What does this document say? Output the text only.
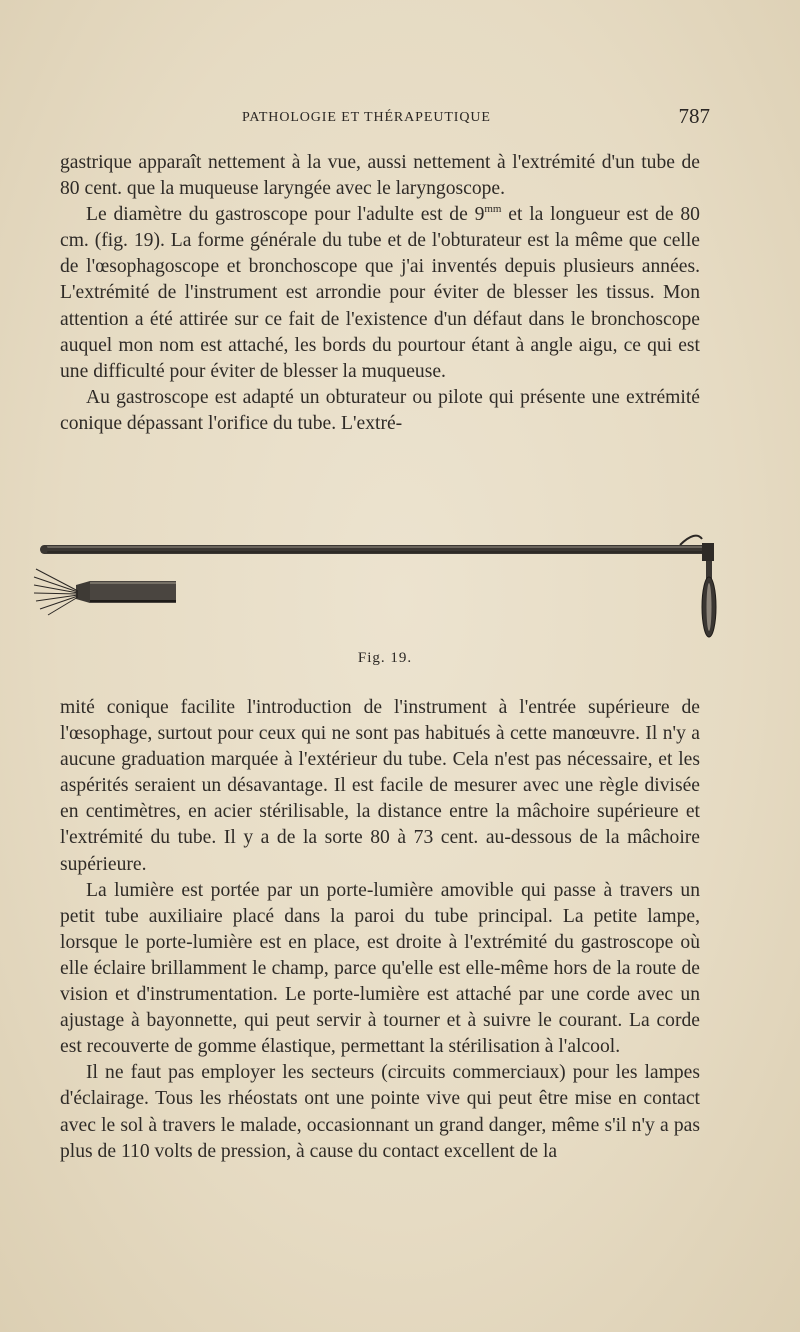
PATHOLOGIE ET THÉRAPEUTIQUE	787

gastrique apparaît nettement à la vue, aussi nettement à l'extrémité d'un tube de 80 cent. que la muqueuse laryngée avec le laryngoscope.

Le diamètre du gastroscope pour l'adulte est de $9^{mm}$ et la longueur est de 80 cm. (fig. 19). La forme générale du tube et de l'obturateur est la même que celle de l'œsophagoscope et bronchoscope que j'ai inventés depuis plusieurs années. L'extrémité de l'instrument est arrondie pour éviter de blesser les tissus. Mon attention a été attirée sur ce fait de l'existence d'un défaut dans le bronchoscope auquel mon nom est attaché, les bords du pourtour étant à angle aigu, ce qui est une difficulté pour éviter de blesser la muqueuse.

Au gastroscope est adapté un obturateur ou pilote qui présente une extrémité conique dépassant l'orifice du tube. L'extré-

Fig. 19.

mité conique facilite l'introduction de l'instrument à l'entrée supérieure de l'œsophage, surtout pour ceux qui ne sont pas habitués à cette manœuvre. Il n'y a aucune graduation marquée à l'extérieur du tube. Cela n'est pas nécessaire, et les aspérités seraient un désavantage. Il est facile de mesurer avec une règle divisée en centimètres, en acier stérilisable, la distance entre la mâchoire supérieure et l'extrémité du tube. Il y a de la sorte 80 à 73 cent. au-dessous de la mâchoire supérieure.

La lumière est portée par un porte-lumière amovible qui passe à travers un petit tube auxiliaire placé dans la paroi du tube principal. La petite lampe, lorsque le porte-lumière est en place, est droite à l'extrémité du gastroscope où elle éclaire brillamment le champ, parce qu'elle est elle-même hors de la route de vision et d'instrumentation. Le porte-lumière est attaché par une corde avec un ajustage à bayonnette, qui peut servir à tourner et à suivre le courant. La corde est recouverte de gomme élastique, permettant la stérilisation à l'alcool.

Il ne faut pas employer les secteurs (circuits commerciaux) pour les lampes d'éclairage. Tous les rhéostats ont une pointe vive qui peut être mise en contact avec le sol à travers le malade, occasionnant un grand danger, même s'il n'y a pas plus de 110 volts de pression, à cause du contact excellent de la
